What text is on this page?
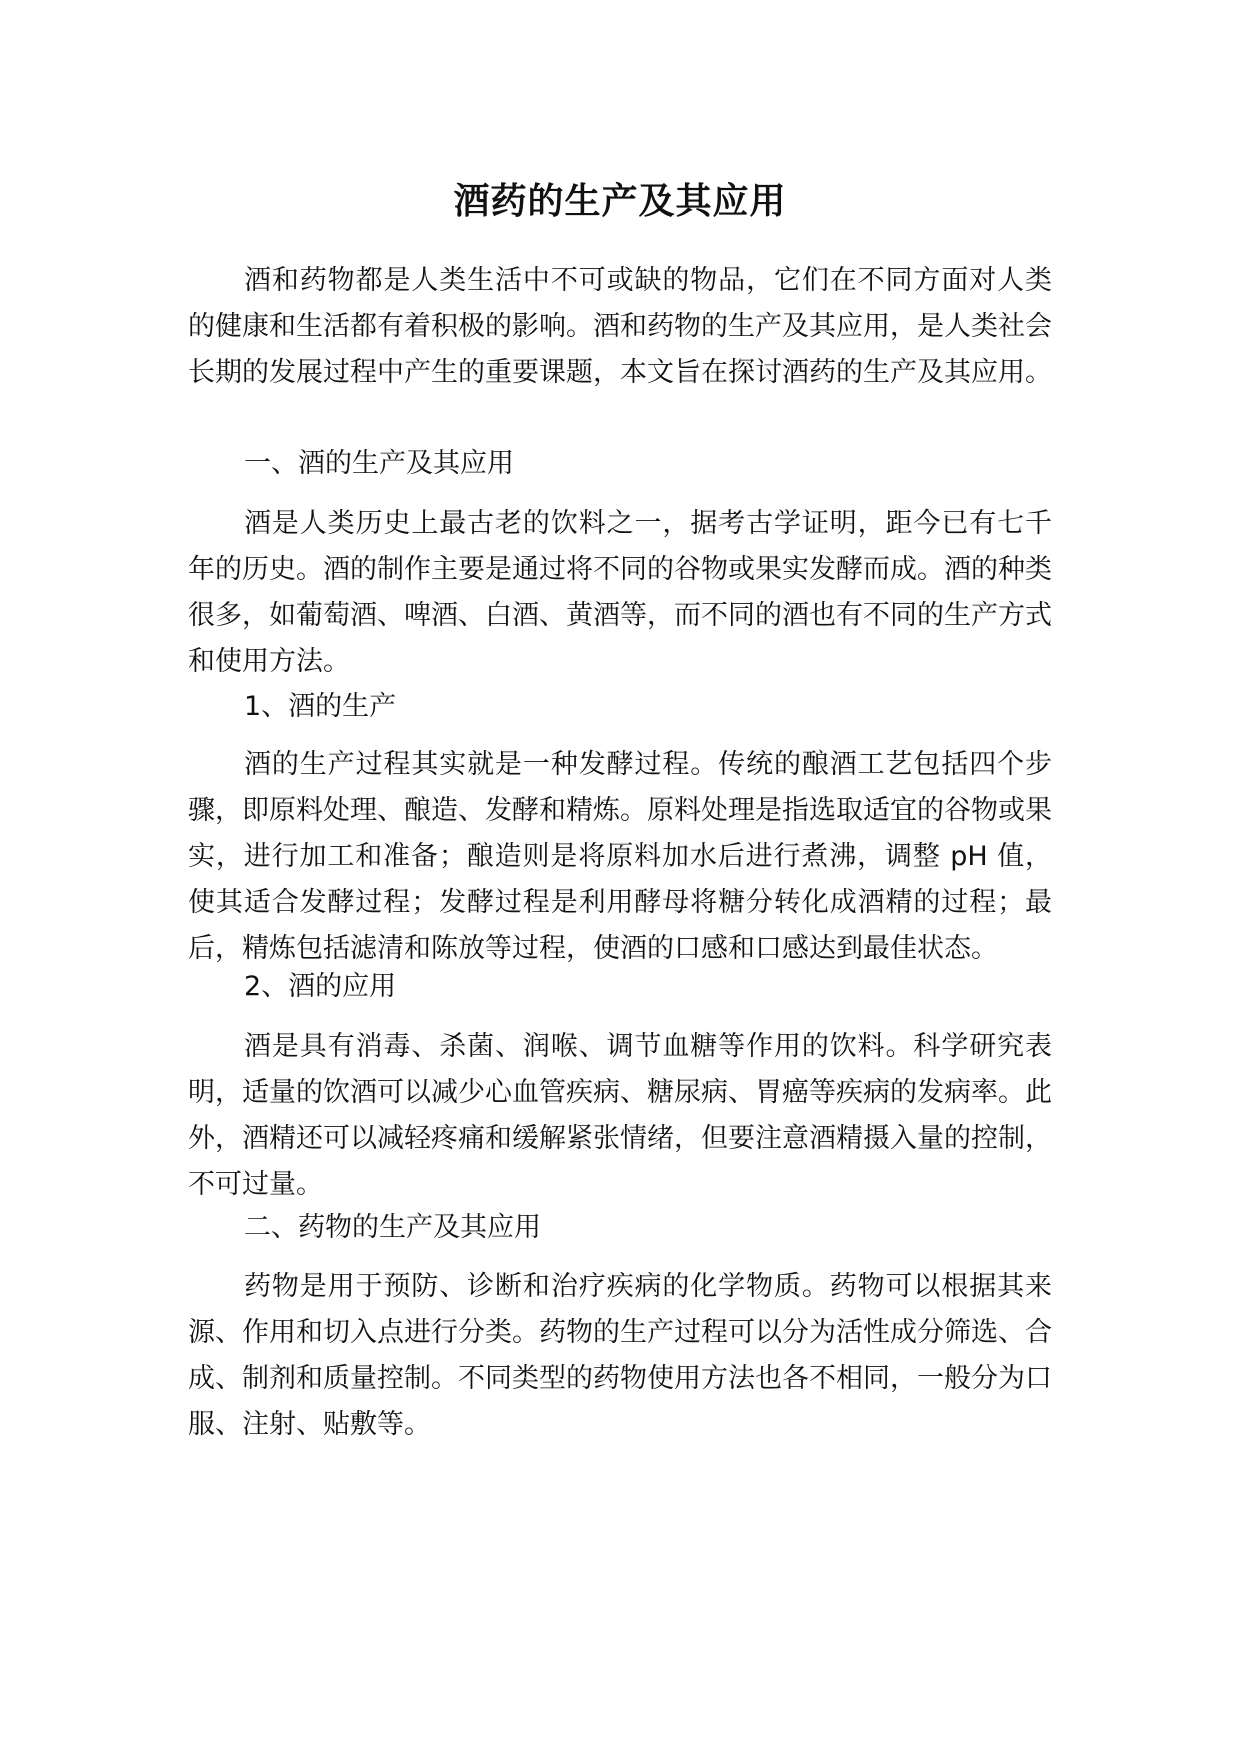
酒药的生产及其应用

酒和药物都是人类生活中不可或缺的物品，它们在不同方面对人类的健康和生活都有着积极的影响。酒和药物的生产及其应用，是人类社会长期的发展过程中产生的重要课题，本文旨在探讨酒药的生产及其应用。

一、酒的生产及其应用

酒是人类历史上最古老的饮料之一，据考古学证明，距今已有七千年的历史。酒的制作主要是通过将不同的谷物或果实发酵而成。酒的种类很多，如葡萄酒、啤酒、白酒、黄酒等，而不同的酒也有不同的生产方式和使用方法。

1、酒的生产

酒的生产过程其实就是一种发酵过程。传统的酿酒工艺包括四个步骤，即原料处理、酿造、发酵和精炼。原料处理是指选取适宜的谷物或果实，进行加工和准备；酿造则是将原料加水后进行煮沸，调整 pH 值，使其适合发酵过程；发酵过程是利用酵母将糖分转化成酒精的过程；最后，精炼包括滤清和陈放等过程，使酒的口感和口感达到最佳状态。

2、酒的应用

酒是具有消毒、杀菌、润喉、调节血糖等作用的饮料。科学研究表明，适量的饮酒可以减少心血管疾病、糖尿病、胃癌等疾病的发病率。此外，酒精还可以减轻疼痛和缓解紧张情绪，但要注意酒精摄入量的控制，不可过量。

二、药物的生产及其应用

药物是用于预防、诊断和治疗疾病的化学物质。药物可以根据其来源、作用和切入点进行分类。药物的生产过程可以分为活性成分筛选、合成、制剂和质量控制。不同类型的药物使用方法也各不相同，一般分为口服、注射、贴敷等。
